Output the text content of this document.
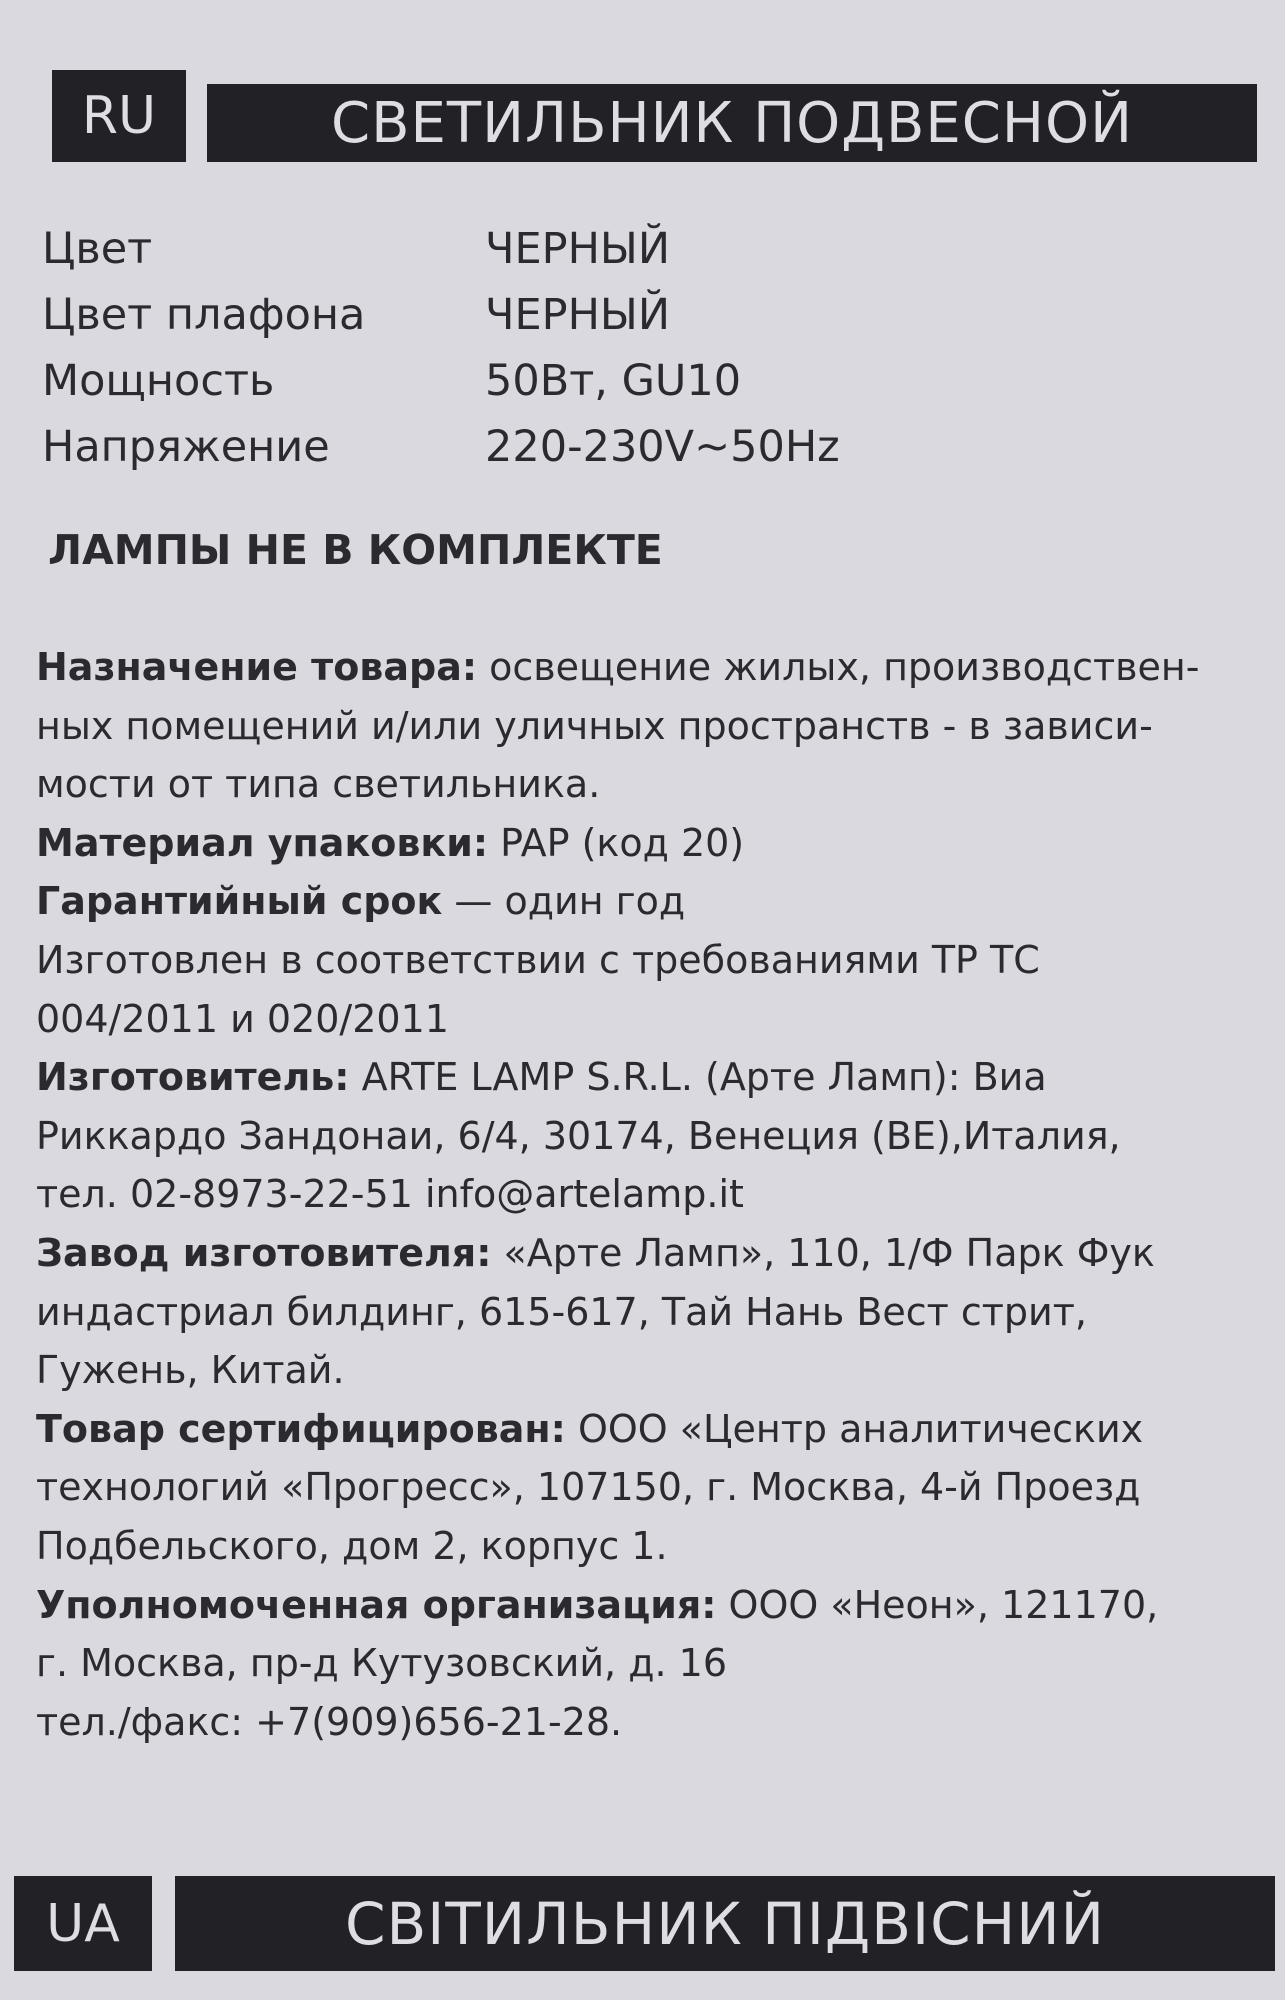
RU	СВЕТИЛЬНИК ПОДВЕСНОЙ
Цвет	ЧЕРНЫЙ
Цвет плафона	ЧЕРНЫЙ
Мощность	50Вт, GU10
Напряжение	220-230V~50Hz
ЛАМПЫ НЕ В КОМПЛЕКТЕ

Назначение товара: освещение жилых, производствен-
ных помещений и/или уличных пространств - в зависи-
мости от типа светильника.

Материал упаковки: PAP (код 20)

Гарантийный срок — один год

Изготовлен в соответствии с требованиями ТР ТС
004/2011 и 020/2011

Изготовитель: ARTE LAMP S.R.L. (Арте Ламп): Виа
Риккардо Зандонаи, 6/4, 30174, Венеция (ВЕ),Италия,
тел. 02-8973-22-51 info@artelamp.it

Завод изготовителя: «Арте Ламп», 110, 1/Ф Парк Фук
индастриал билдинг, 615-617, Тай Нань Вест стрит,
Гужень, Китай.

Товар сертифицирован: ООО «Центр аналитических
технологий «Прогресс», 107150, г. Москва, 4-й Проезд
Подбельского, дом 2, корпус 1.

Уполномоченная организация: ООО «Неон», 121170,
г. Москва, пр-д Кутузовский, д. 16
тел./факс: +7(909)656-21-28.

UA	СВІТИЛЬНИК ПІДВІСНИЙ
